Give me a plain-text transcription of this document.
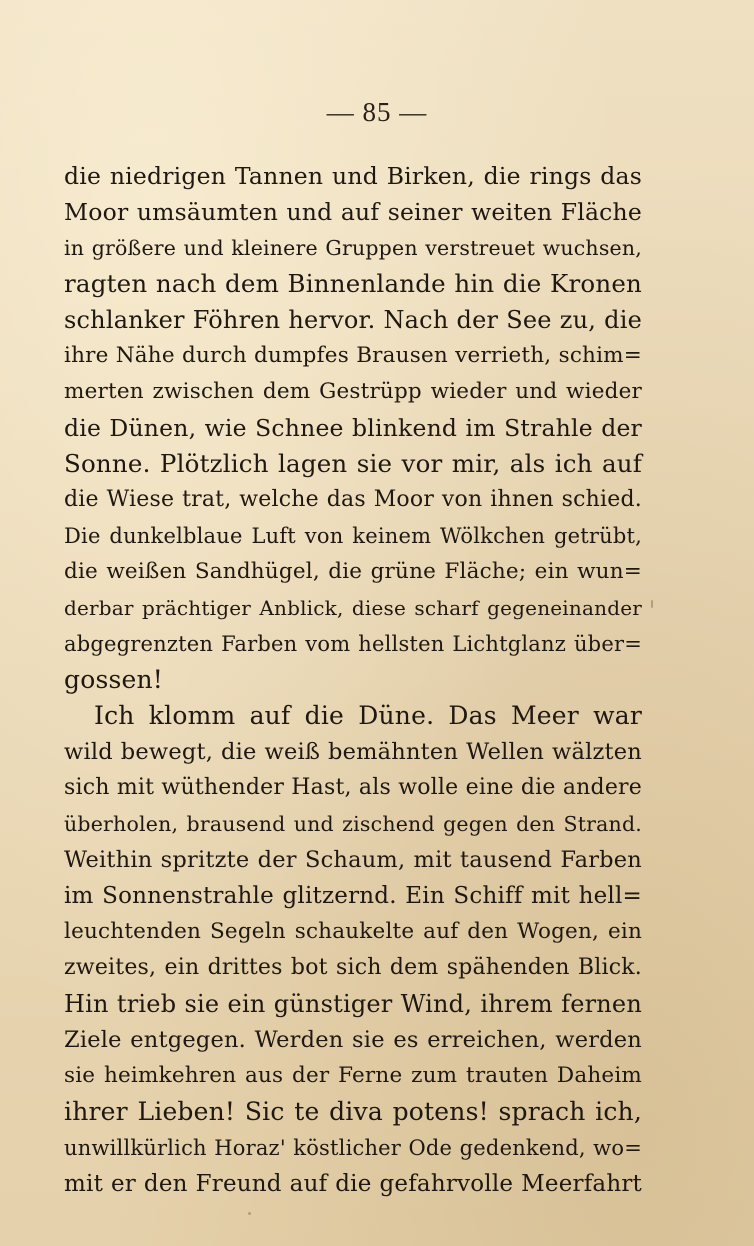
— 85 —
die niedrigen Tannen und Birken, die rings das
Moor umsäumten und auf seiner weiten Fläche
in größere und kleinere Gruppen verstreuet wuchsen,
ragten nach dem Binnenlande hin die Kronen
schlanker Föhren hervor. Nach der See zu, die
ihre Nähe durch dumpfes Brausen verrieth, schim=
merten zwischen dem Gestrüpp wieder und wieder
die Dünen, wie Schnee blinkend im Strahle der
Sonne. Plötzlich lagen sie vor mir, als ich auf
die Wiese trat, welche das Moor von ihnen schied.
Die dunkelblaue Luft von keinem Wölkchen getrübt,
die weißen Sandhügel, die grüne Fläche; ein wun=
derbar prächtiger Anblick, diese scharf gegeneinander
abgegrenzten Farben vom hellsten Lichtglanz über=
gossen!
Ich klomm auf die Düne. Das Meer war
wild bewegt, die weiß bemähnten Wellen wälzten
sich mit wüthender Hast, als wolle eine die andere
überholen, brausend und zischend gegen den Strand.
Weithin spritzte der Schaum, mit tausend Farben
im Sonnenstrahle glitzernd. Ein Schiff mit hell=
leuchtenden Segeln schaukelte auf den Wogen, ein
zweites, ein drittes bot sich dem spähenden Blick.
Hin trieb sie ein günstiger Wind, ihrem fernen
Ziele entgegen. Werden sie es erreichen, werden
sie heimkehren aus der Ferne zum trauten Daheim
ihrer Lieben! Sic te diva potens! sprach ich,
unwillkürlich Horaz' köstlicher Ode gedenkend, wo=
mit er den Freund auf die gefahrvolle Meerfahrt
